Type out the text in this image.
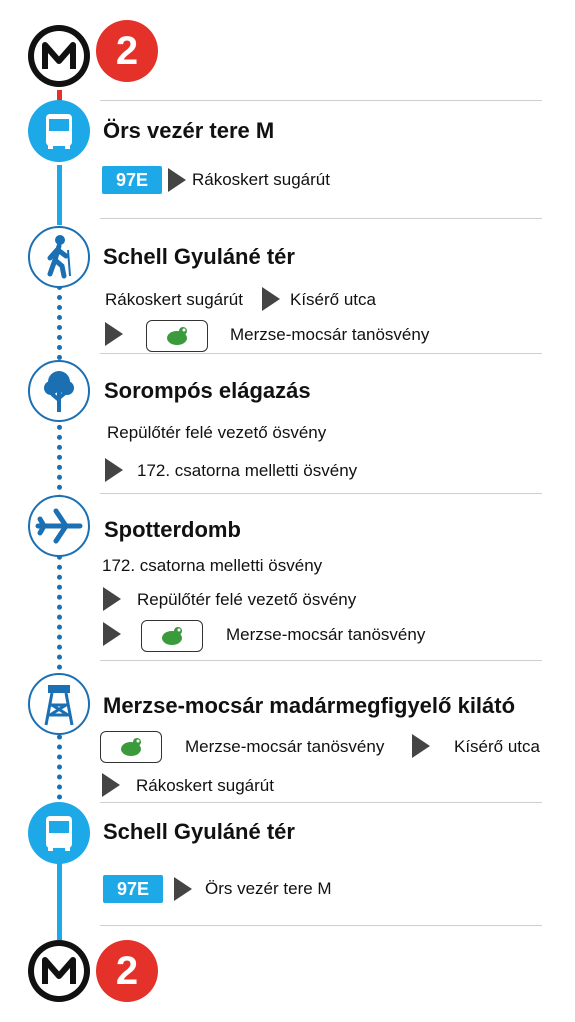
2
Örs vezér tere M
97E	Rákoskert sugárút
Schell Gyuláné tér
Rákoskert sugárút	Kísérő utca
Merzse-mocsár tanösvény
Sorompós elágazás
Repülőtér felé vezető ösvény
172. csatorna melletti ösvény
Spotterdomb
172. csatorna melletti ösvény
Repülőtér felé vezető ösvény
Merzse-mocsár tanösvény
Merzse-mocsár madármegfigyelő kilátó
Merzse-mocsár tanösvény	Kísérő utca
Rákoskert sugárút
Schell Gyuláné tér
97E	Örs vezér tere M
2
